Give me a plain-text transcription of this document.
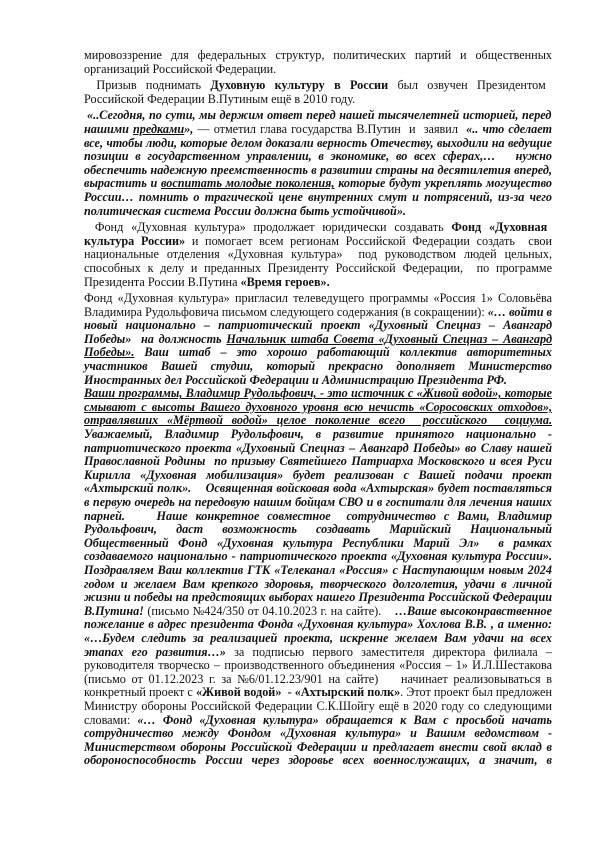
мировоззрение для федеральных структур, политических партий и общественных
организаций Российской Федерации.
Призыв поднимать Духовную культуру в России был озвучен Президентом
Российской Федерации В.Путиным ещё в 2010 году.
«..Сегодня, по сути, мы держим ответ перед нашей тысячелетней историей, перед
нашими предками», — отметил глава государства В.Путин  и  заявил  «.. что сделает
все, чтобы люди, которые делом доказали верность Отечеству, выходили на ведущие
позиции в государственном управлении, в экономике, во всех сферах,…   нужно
обеспечить надежную преемственность в развитии страны на десятилетия вперед,
вырастить и воспитать молодые поколения, которые будут укреплять могущество
России… помнить о трагической цене внутренних смут и потрясений, из-за чего
политическая система России должна быть устойчивой».
Фонд «Духовная культура» продолжает юридически создавать Фонд «Духовная
культура России» и помогает всем регионам Российской Федерации создать  свои
национальные отделения «Духовная культура»  под руководством людей цельных,
способных к делу и преданных Президенту Российской Федерации,  по программе
Президента России В.Путина «Время героев».
Фонд «Духовная культура» пригласил телеведущего программы «Россия 1» Соловьёва
Владимира Рудольфовича письмом следующего содержания (в сокращении): «… войти в
новый национально – патриотический проект «Духовный Спецназ – Авангард
Победы»  на должность Начальник штаба Совета «Духовный Спецназ – Авангард
Победы». Ваш штаб – это хорошо работающий коллектив авторитетных
участников Вашей студии, который прекрасно дополняет Министерство
Иностранных дел Российской Федерации и Администрацию Президента РФ.
Ваши программы, Владимир Рудольфович, - это источник с «Живой водой», которые
смывают с высоты Вашего духовного уровня всю нечисть «Соросовских отходов»,
отравлявших «Мёртвой водой» целое поколение всего  российского  социума.
Уважаемый, Владимир Рудольфович, в развитие принятого национально -
патриотического проекта «Духовный Спецназ – Авангард Победы» во Славу нашей
Православной Родины  по призыву Святейшего Патриарха Московского и всея Руси
Кирилла «Духовная мобилизация» будет реализован с Вашей подачи проект
«Ахтырский полк».    Освященная войсковая вода «Ахтырская» будет поставляться
в первую очередь на передовую нашим бойцам СВО и в госпитали для лечения наших
парней.    Наше конкретное совместное  сотрудничество с Вами, Владимир
Рудольфович, даст возможность создавать Марийский Национальный
Общественный Фонд «Духовная культура Республики Марий Эл»  в рамках
создаваемого национально - патриотического проекта «Духовная культура России».
Поздравляем Ваш коллектив ГТК «Телеканал «Россия» с Наступающим новым 2024
годом и желаем Вам крепкого здоровья, творческого долголетия, удачи в личной
жизни и победы на предстоящих выборах нашего Президента Российской Федерации
В.Путина! (письмо №424/350 от 04.10.2023 г. на сайте).    …Ваше высоконравственное
пожелание в адрес президента Фонда «Духовная культура» Хохлова В.В. , а именно:
«…Будем следить за реализацией проекта, искренне желаем Вам удачи на всех
этапах его развития…» за подписью первого заместителя директора филиала –
руководителя творческо – производственного объединения «Россия – 1» И.Л.Шестакова
(письмо от 01.12.2023 г. за №6/01.12.23/901 на сайте)    начинает реализовываться в
конкретный проект с «Живой водой»  - «Ахтырский полк». Этот проект был предложен
Министру обороны Российской Федерации С.К.Шойгу ещё в 2020 году со следующими
словами: «… Фонд «Духовная культура» обращается к Вам с просьбой начать
сотрудничество между Фондом «Духовная культура» и Вашим ведомством -
Министерством обороны Российской Федерации и предлагает внести свой вклад в
обороноспособность России через здоровье всех военнослужащих, а значит, в
